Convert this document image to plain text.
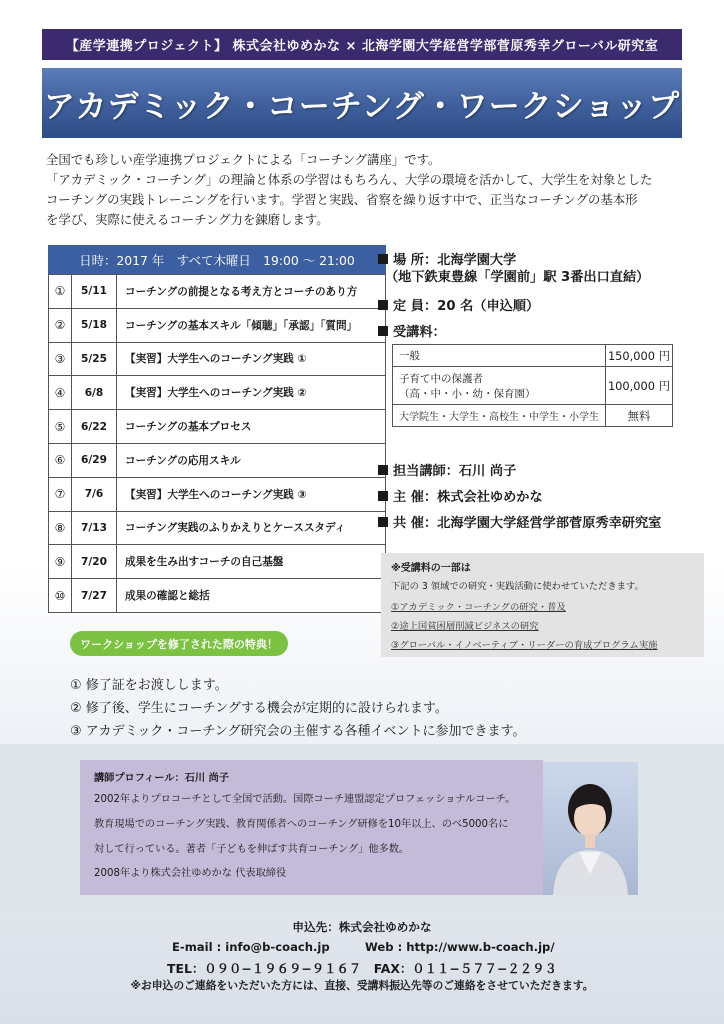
【産学連携プロジェクト】 株式会社ゆめかな × 北海学園大学経営学部菅原秀幸グローバル研究室
アカデミック・コーチング・ワークショップ

全国でも珍しい産学連携プロジェクトによる「コーチング講座」です。

「アカデミック・コーチング」の理論と体系の学習はもちろん、大学の環境を活かして、大学生を対象とした

コーチングの実践トレーニングを行います。学習と実践、省察を繰り返す中で、正当なコーチングの基本形

を学び、実際に使えるコーチング力を錬磨します。

日時：2017 年　すべて木曜日　19:00 ～ 21:00
①	5/11	コーチングの前提となる考え方とコーチのあり方
②	5/18	コーチングの基本スキル「傾聴」「承認」「質問」
③	5/25	【実習】大学生へのコーチング実践 ①
④	6/8	【実習】大学生へのコーチング実践 ②
⑤	6/22	コーチングの基本プロセス
⑥	6/29	コーチングの応用スキル
⑦	7/6	【実習】大学生へのコーチング実践 ③
⑧	7/13	コーチング実践のふりかえりとケーススタディ
⑨	7/20	成果を生み出すコーチの自己基盤
⑩	7/27	成果の確認と総括
場 所：北海学園大学
（地下鉄東豊線「学園前」駅 3番出口直結）
定 員：20 名（申込順）
受講料：
一般	150,000 円

子育て中の保護者
（高・中・小・幼・保育園）	100,000 円
大学院生・大学生・高校生・中学生・小学生	無料
担当講師：石川 尚子
主 催：株式会社ゆめかな
共 催：北海学園大学経営学部菅原秀幸研究室
※受講料の一部は
下記の 3 領域での研究・実践活動に使わせていただきます。
①アカデミック・コーチングの研究・普及
②途上国貧困層削減ビジネスの研究
③グローバル・イノベーティブ・リーダーの育成プログラム実施
ワークショップを修了された際の特典！
① 修了証をお渡しします。
② 修了後、学生にコーチングする機会が定期的に設けられます。
③ アカデミック・コーチング研究会の主催する各種イベントに参加できます。
講師プロフィール：石川 尚子
2002年よりプロコーチとして全国で活動。国際コーチ連盟認定プロフェッショナルコーチ。
教育現場でのコーチング実践、教育関係者へのコーチング研修を10年以上、のべ5000名に
対して行っている。著者「子どもを伸ばす共育コーチング」他多数。
2008年より株式会社ゆめかな 代表取締役
申込先：株式会社ゆめかな
E-mail : info@b-coach.jp	Web : http://www.b-coach.jp/
TEL：０９０−１９６９−９１６７　FAX：０１１−５７７−２２９３
※お申込のご連絡をいただいた方には、直接、受講料振込先等のご連絡をさせていただきます。
